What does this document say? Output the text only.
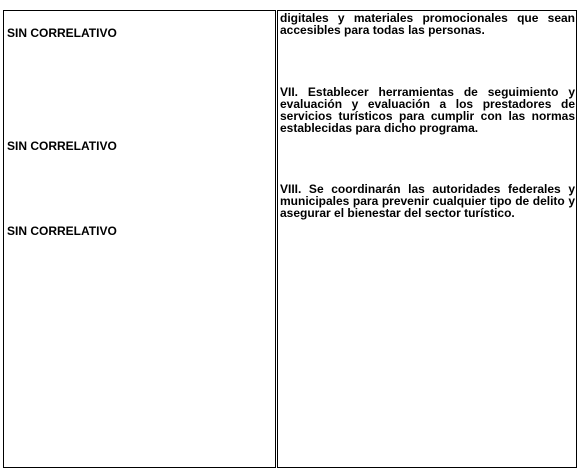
SIN CORRELATIVO
SIN CORRELATIVO
SIN CORRELATIVO
digitales y materiales promocionales que sean accesibles para todas las personas.
VII. Establecer herramientas de seguimiento y evaluación y evaluación a los prestadores de servicios turísticos para cumplir con las normas establecidas para dicho programa.
VIII. Se coordinarán las autoridades federales y municipales para prevenir cualquier tipo de delito y asegurar el bienestar del sector turístico.
